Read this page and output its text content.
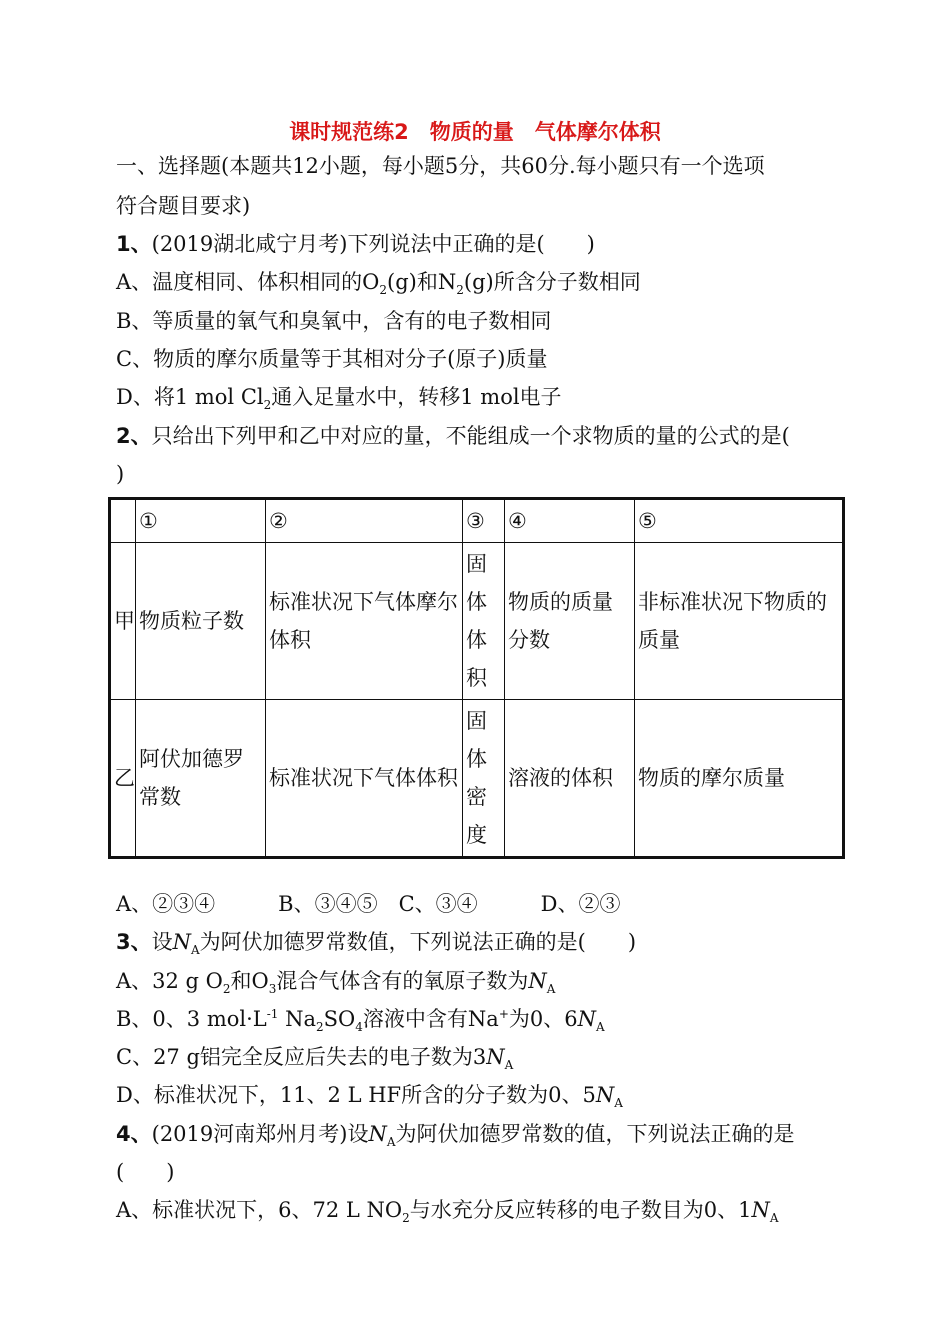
课时规范练2　物质的量　气体摩尔体积
一、选择题(本题共12小题，每小题5分，共60分.每小题只有一个选项
符合题目要求)
1、(2019湖北咸宁月考)下列说法中正确的是(　　)
A、温度相同、体积相同的$O_2(g)$和$N_2(g)$所含分子数相同
B、等质量的氧气和臭氧中，含有的电子数相同
C、物质的摩尔质量等于其相对分子(原子)质量
D、将1 mol $Cl_2$通入足量水中，转移1 mol电子
2、只给出下列甲和乙中对应的量，不能组成一个求物质的量的公式的是(
)
	①	②	③	④	⑤
甲	物质粒子数	标准状况下气体摩尔体积	固体体积	物质的质量分数	非标准状况下物质的质量
乙	阿伏加德罗常数	标准状况下气体体积	固体密度	溶液的体积	物质的摩尔质量
A、②③④　　　B、③④⑤　C、③④　　　D、②③
3、设$N_A$为阿伏加德罗常数值，下列说法正确的是(　　)
A、32 g $O_2$和$O_3$混合气体含有的氧原子数为$N_A$
B、0、3 $mol\cdot L^{-1}$ $Na_2SO_4$溶液中含有Na+为0、$6N_A$
C、27 g铝完全反应后失去的电子数为$3N_A$
D、标准状况下，11、2 L HF所含的分子数为0、$5N_A$
4、(2019河南郑州月考)设$N_A$为阿伏加德罗常数的值，下列说法正确的是
(　　)
A、标准状况下，6、72 L $NO_2$与水充分反应转移的电子数目为0、$1N_A$
